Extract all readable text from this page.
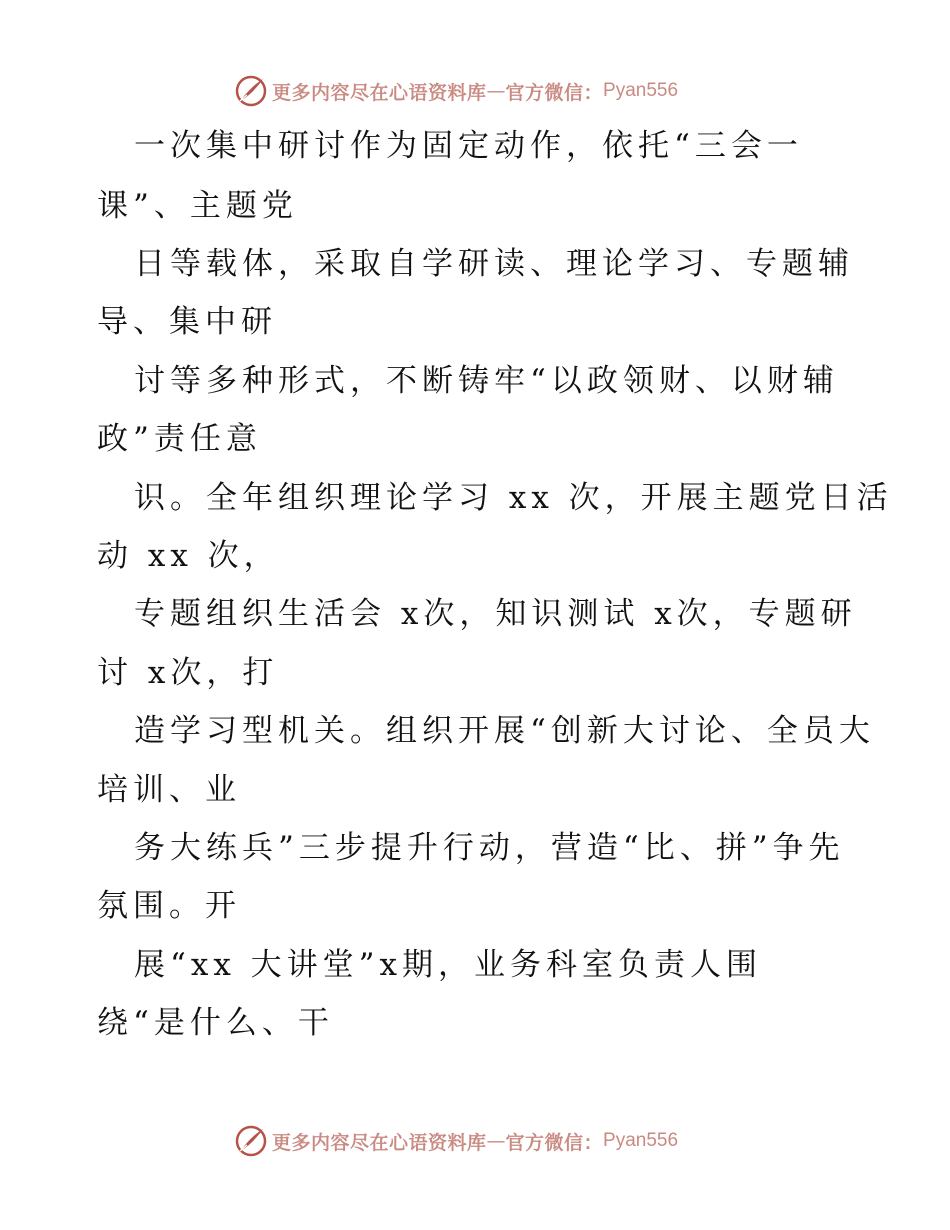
更多内容尽在心语资料库 — 官方微信： Pyan556
一次集中研讨作为固定动作，依托“三会一
课”、主题党
日等载体，采取自学研读、理论学习、专题辅
导、集中研
讨等多种形式，不断铸牢“以政领财、以财辅
政”责任意
识。全年组织理论学习 xx 次，开展主题党日活
动 xx 次，
专题组织生活会 x次，知识测试 x次，专题研
讨 x次，打
造学习型机关。组织开展“创新大讨论、全员大
培训、业
务大练兵”三步提升行动，营造“比、拼”争先
氛围。开
展“xx 大讲堂”x期，业务科室负责人围
绕“是什么、干
更多内容尽在心语资料库 — 官方微信： Pyan556
